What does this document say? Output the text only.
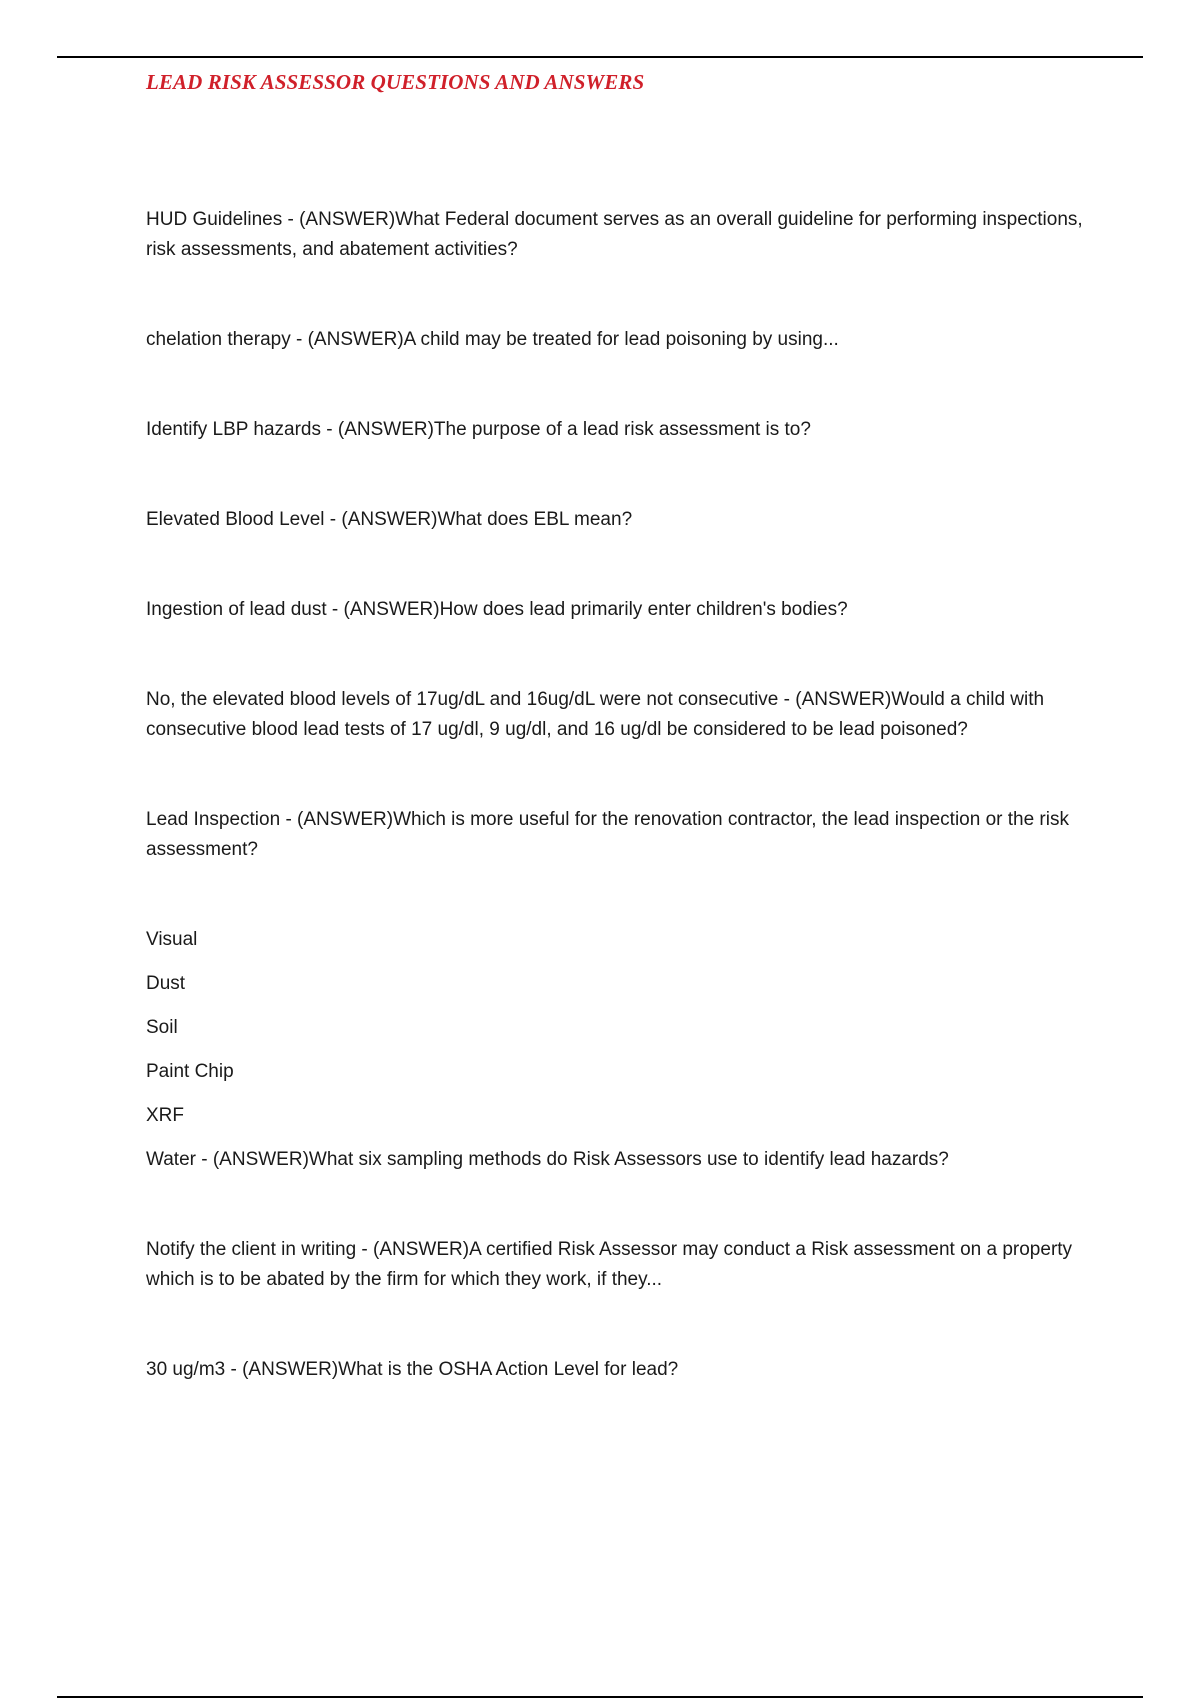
LEAD RISK ASSESSOR QUESTIONS AND ANSWERS

HUD Guidelines - (ANSWER)What Federal document serves as an overall guideline for performing inspections, risk assessments, and abatement activities?

chelation therapy - (ANSWER)A child may be treated for lead poisoning by using...

Identify LBP hazards - (ANSWER)The purpose of a lead risk assessment is to?

Elevated Blood Level - (ANSWER)What does EBL mean?

Ingestion of lead dust - (ANSWER)How does lead primarily enter children's bodies?

No, the elevated blood levels of 17ug/dL and 16ug/dL were not consecutive - (ANSWER)Would a child with consecutive blood lead tests of 17 ug/dl, 9 ug/dl, and 16 ug/dl be considered to be lead poisoned?

Lead Inspection - (ANSWER)Which is more useful for the renovation contractor, the lead inspection or the risk assessment?

Visual

Dust

Soil

Paint Chip

XRF

Water - (ANSWER)What six sampling methods do Risk Assessors use to identify lead hazards?

Notify the client in writing - (ANSWER)A certified Risk Assessor may conduct a Risk assessment on a property which is to be abated by the firm for which they work, if they...

30 ug/m3 - (ANSWER)What is the OSHA Action Level for lead?
